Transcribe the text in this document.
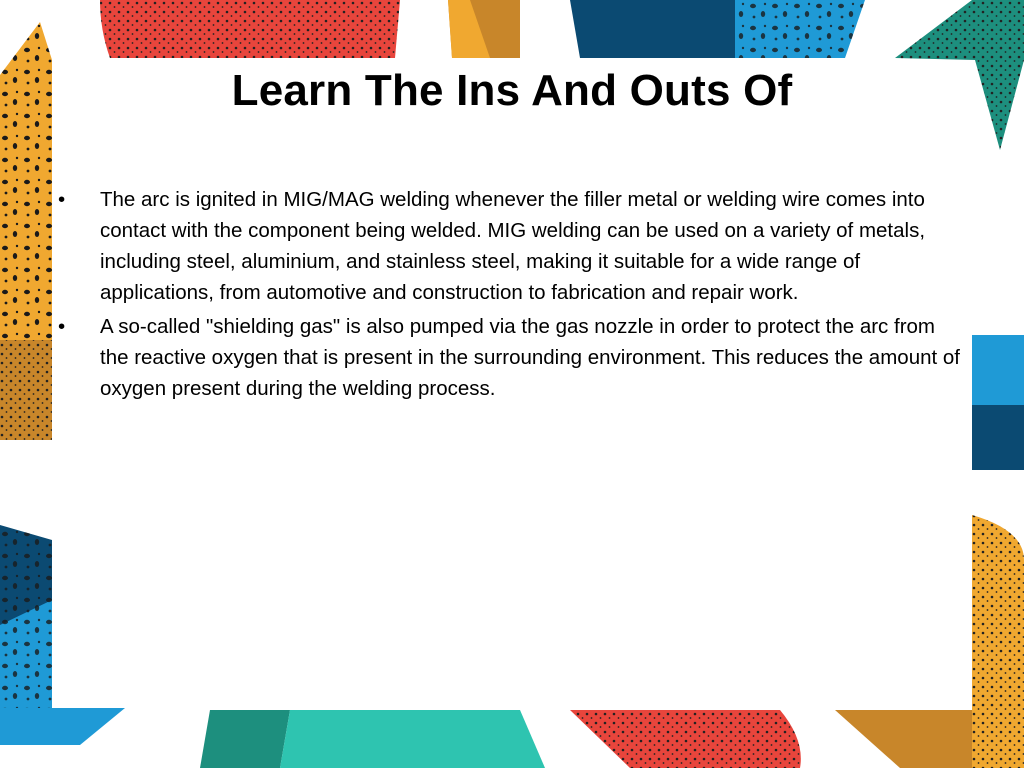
Learn The Ins And Outs Of
•	The arc is ignited in MIG/MAG welding whenever the filler metal or welding wire comes into contact with the component being welded. MIG welding can be used on a variety of metals, including steel, aluminium, and stainless steel, making it suitable for a wide range of applications, from automotive and construction to fabrication and repair work.
•	A so-called "shielding gas" is also pumped via the gas nozzle in order to protect the arc from the reactive oxygen that is present in the surrounding environment. This reduces the amount of oxygen present during the welding process.
